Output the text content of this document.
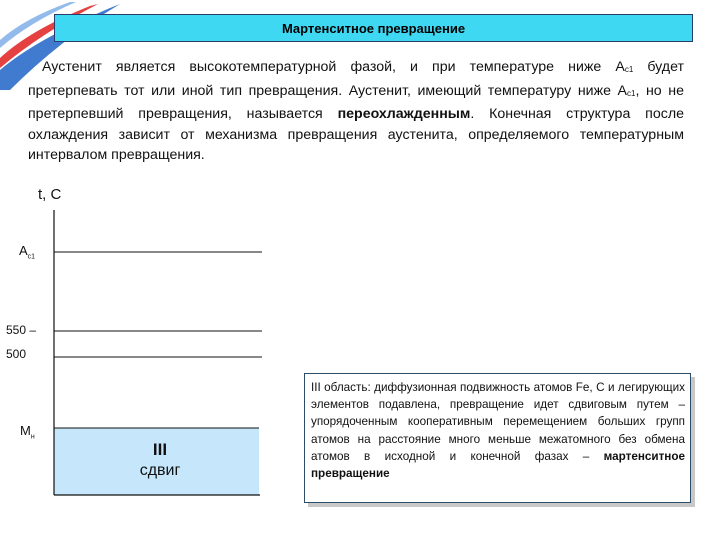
Мартенситное превращение

Аустенит является высокотемпературной фазой, и при температуре ниже $А_{с1}$ будет претерпевать тот или иной тип превращения. Аустенит, имеющий температуру ниже $А_{с1}$, но не претерпевший превращения, называется переохлажденным. Конечная структура после охлаждения зависит от механизма превращения аустенита, определяемого температурным интервалом превращения.

t, C
$А_{с1}$
550 –
500
$М_н$
III
сдвиг
III область: диффузионная подвижность атомов Fe, C и легирующих элементов подавлена, превращение идет сдвиговым путем – упорядоченным кооперативным перемещением больших групп атомов на расстояние много меньше межатомного без обмена атомов в исходной и конечной фазах – мартенситное превращение
